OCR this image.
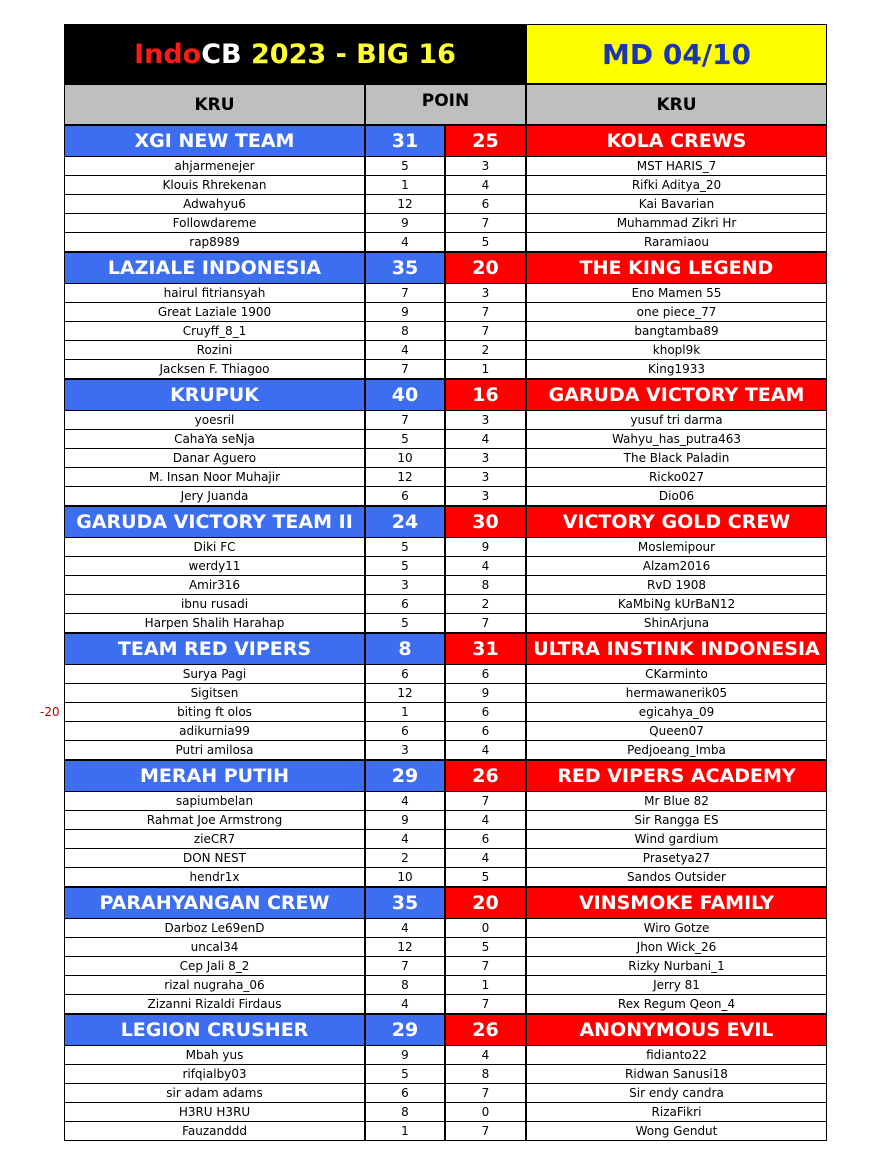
Indo CB 2023 - BIG 16	MD 04/10
KRU	POIN	KRU
XGI NEW TEAM	31	25	KOLA CREWS
ahjarmenejer	5	3	MST HARIS_7
Klouis Rhrekenan	1	4	Rifki Aditya_20
Adwahyu6	12	6	Kai Bavarian
Followdareme	9	7	Muhammad Zikri Hr
rap8989	4	5	Raramiaou
LAZIALE INDONESIA	35	20	THE KING LEGEND
hairul fitriansyah	7	3	Eno Mamen 55
Great Laziale 1900	9	7	one piece_77
Cruyff_8_1	8	7	bangtamba89
Rozini	4	2	khopl9k
Jacksen F. Thiagoo	7	1	King1933
KRUPUK	40	16	GARUDA VICTORY TEAM
yoesril	7	3	yusuf tri darma
CahaYa seNja	5	4	Wahyu_has_putra463
Danar Aguero	10	3	The Black Paladin
M. Insan Noor Muhajir	12	3	Ricko027
Jery Juanda	6	3	Dio06
GARUDA VICTORY TEAM II	24	30	VICTORY GOLD CREW
Diki FC	5	9	Moslemipour
werdy11	5	4	Alzam2016
Amir316	3	8	RvD 1908
ibnu rusadi	6	2	KaMbiNg kUrBaN12
Harpen Shalih Harahap	5	7	ShinArjuna
TEAM RED VIPERS	8	31	ULTRA INSTINK INDONESIA
Surya Pagi	6	6	CKarminto
Sigitsen	12	9	hermawanerik05
biting ft olos	1	6	egicahya_09
adikurnia99	6	6	Queen07
Putri amilosa	3	4	Pedjoeang_Imba
MERAH PUTIH	29	26	RED VIPERS ACADEMY
sapiumbelan	4	7	Mr Blue 82
Rahmat Joe Armstrong	9	4	Sir Rangga ES
zieCR7	4	6	Wind gardium
DON NEST	2	4	Prasetya27
hendr1x	10	5	Sandos Outsider
PARAHYANGAN CREW	35	20	VINSMOKE FAMILY
Darboz Le69enD	4	0	Wiro Gotze
uncal34	12	5	Jhon Wick_26
Cep Jali 8_2	7	7	Rizky Nurbani_1
rizal nugraha_06	8	1	Jerry 81
Zizanni Rizaldi Firdaus	4	7	Rex Regum Qeon_4
LEGION CRUSHER	29	26	ANONYMOUS EVIL
Mbah yus	9	4	fidianto22
rifqialby03	5	8	Ridwan Sanusi18
sir adam adams	6	7	Sir endy candra
H3RU H3RU	8	0	RizaFikri
Fauzanddd	1	7	Wong Gendut
-20
